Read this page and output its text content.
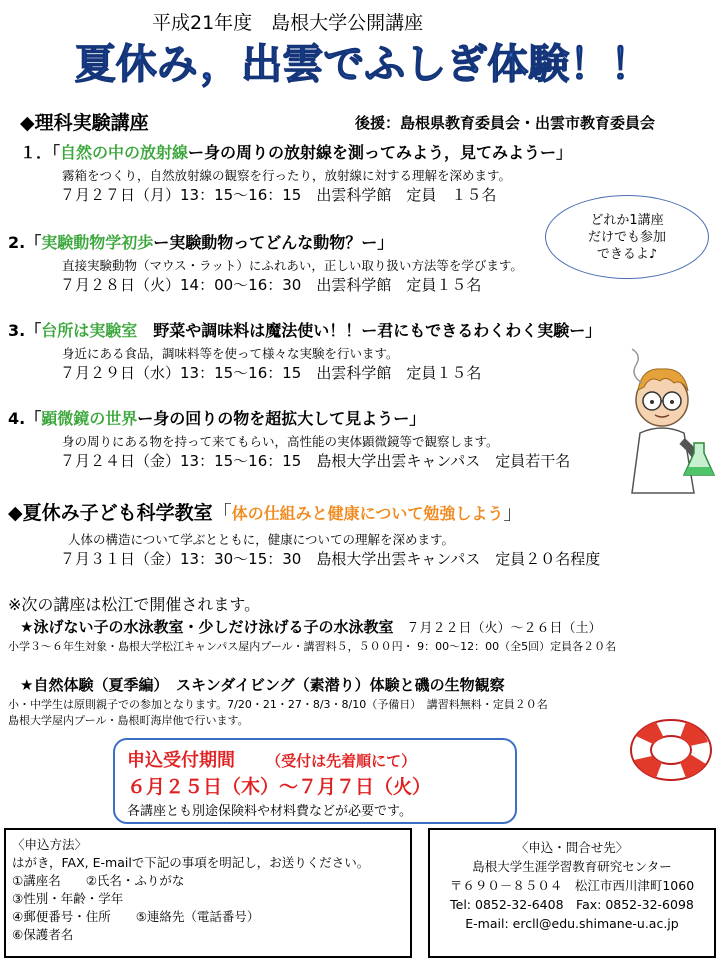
平成21年度　島根大学公開講座
夏休み，出雲でふしぎ体験！！
◆理科実験講座	後援：島根県教育委員会・出雲市教育委員会
１．「自然の中の放射線ー身の周りの放射線を測ってみよう，見てみようー」
霧箱をつくり，自然放射線の観察を行ったり，放射線に対する理解を深めます。
７月２７日（月）13：15～16：15　出雲科学館　定員　１５名
2.「実験動物学初歩ー実験動物ってどんな動物？ー」
直接実験動物（マウス・ラット）にふれあい，正しい取り扱い方法等を学びます。
７月２８日（火）14：00～16：30　出雲科学館　定員１５名
どれか1講座
だけでも参加
できるよ♪
3.「台所は実験室　野菜や調味料は魔法使い！！ー君にもできるわくわく実験ー」
身近にある食品，調味料等を使って様々な実験を行います。
７月２９日（水）13：15～16：15　出雲科学館　定員１５名
4.「顕微鏡の世界ー身の回りの物を超拡大して見ようー」
身の周りにある物を持って来てもらい，高性能の実体顕微鏡等で観察します。
７月２４日（金）13：15～16：15　島根大学出雲キャンパス　定員若干名
◆夏休み子ども科学教室「体の仕組みと健康について勉強しよう」
人体の構造について学ぶとともに，健康についての理解を深めます。
７月３１日（金）13：30～15：30　島根大学出雲キャンパス　定員２０名程度
※次の講座は松江で開催されます。
★泳げない子の水泳教室・少しだけ泳げる子の水泳教室 ７月２２日（火）～２６日（土）
小学３～６年生対象・島根大学松江キャンパス屋内プール・講習料５，５００円・ 9：00～12：00（全5回）定員各２０名
★自然体験（夏季編）　スキンダイビング（素潜り）体験と磯の生物観察
小・中学生は原則親子での参加となります。7/20・21・27・8/3・8/10（予備日）　講習料無料・定員２０名
島根大学屋内プール・島根町海岸他で行います。
申込受付期間 （受付は先着順にて）
６月２５日（木）～７月７日（火）
各講座とも別途保険料や材料費などが必要です。
〈申込方法〉
はがき，FAX, E-mailで下記の事項を明記し，お送りください。
①講座名　　②氏名・ふりがな
③性別・年齢・学年
④郵便番号・住所　　⑤連絡先（電話番号）
⑥保護者名
〈申込・問合せ先〉
島根大学生涯学習教育研究センター
〒６９０－８５０４　松江市西川津町1060
Tel: 0852-32-6408　Fax: 0852-32-6098
E-mail: ercll@edu.shimane-u.ac.jp
